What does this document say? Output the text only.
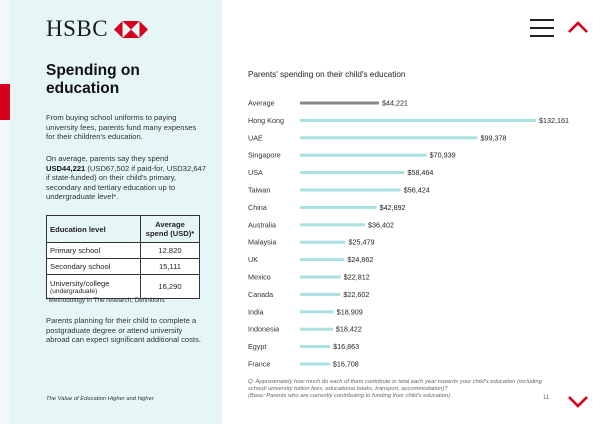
HSBC
Spending on education
From buying school uniforms to paying university fees, parents fund many expenses for their children's education.
On average, parents say they spend USD44,221 (USD67,502 if paid-for, USD32,647 if state-funded) on their child's primary, secondary and tertiary education up to undergraduate level*.
Education level	Average spend (USD)*
Primary school	12,820
Secondary school	15,111
University/college
(undergraduate)	16,290
*Methodology in The research, Definitions
Parents planning for their child to complete a postgraduate degree or attend university abroad can expect significant additional costs.
The Value of Education Higher and higher
Parents' spending on their child's education
Average	$44,221
Hong Kong	$132,161
UAE	$99,378
Singapore	$70,939
USA	$58,464
Taiwan	$56,424
China	$42,892
Australia	$36,402
Malaysia	$25,479
UK	$24,862
Mexico	$22,812
Canada	$22,602
India	$18,909
Indonesia	$18,422
Egypt	$16,863
France	$16,708
Q: Approximately how much do each of them contribute in total each year towards your child's education (including school/ university tuition fees, educational books, transport, accommodation)?
(Base: Parents who are currently contributing to funding their child's education)	11
